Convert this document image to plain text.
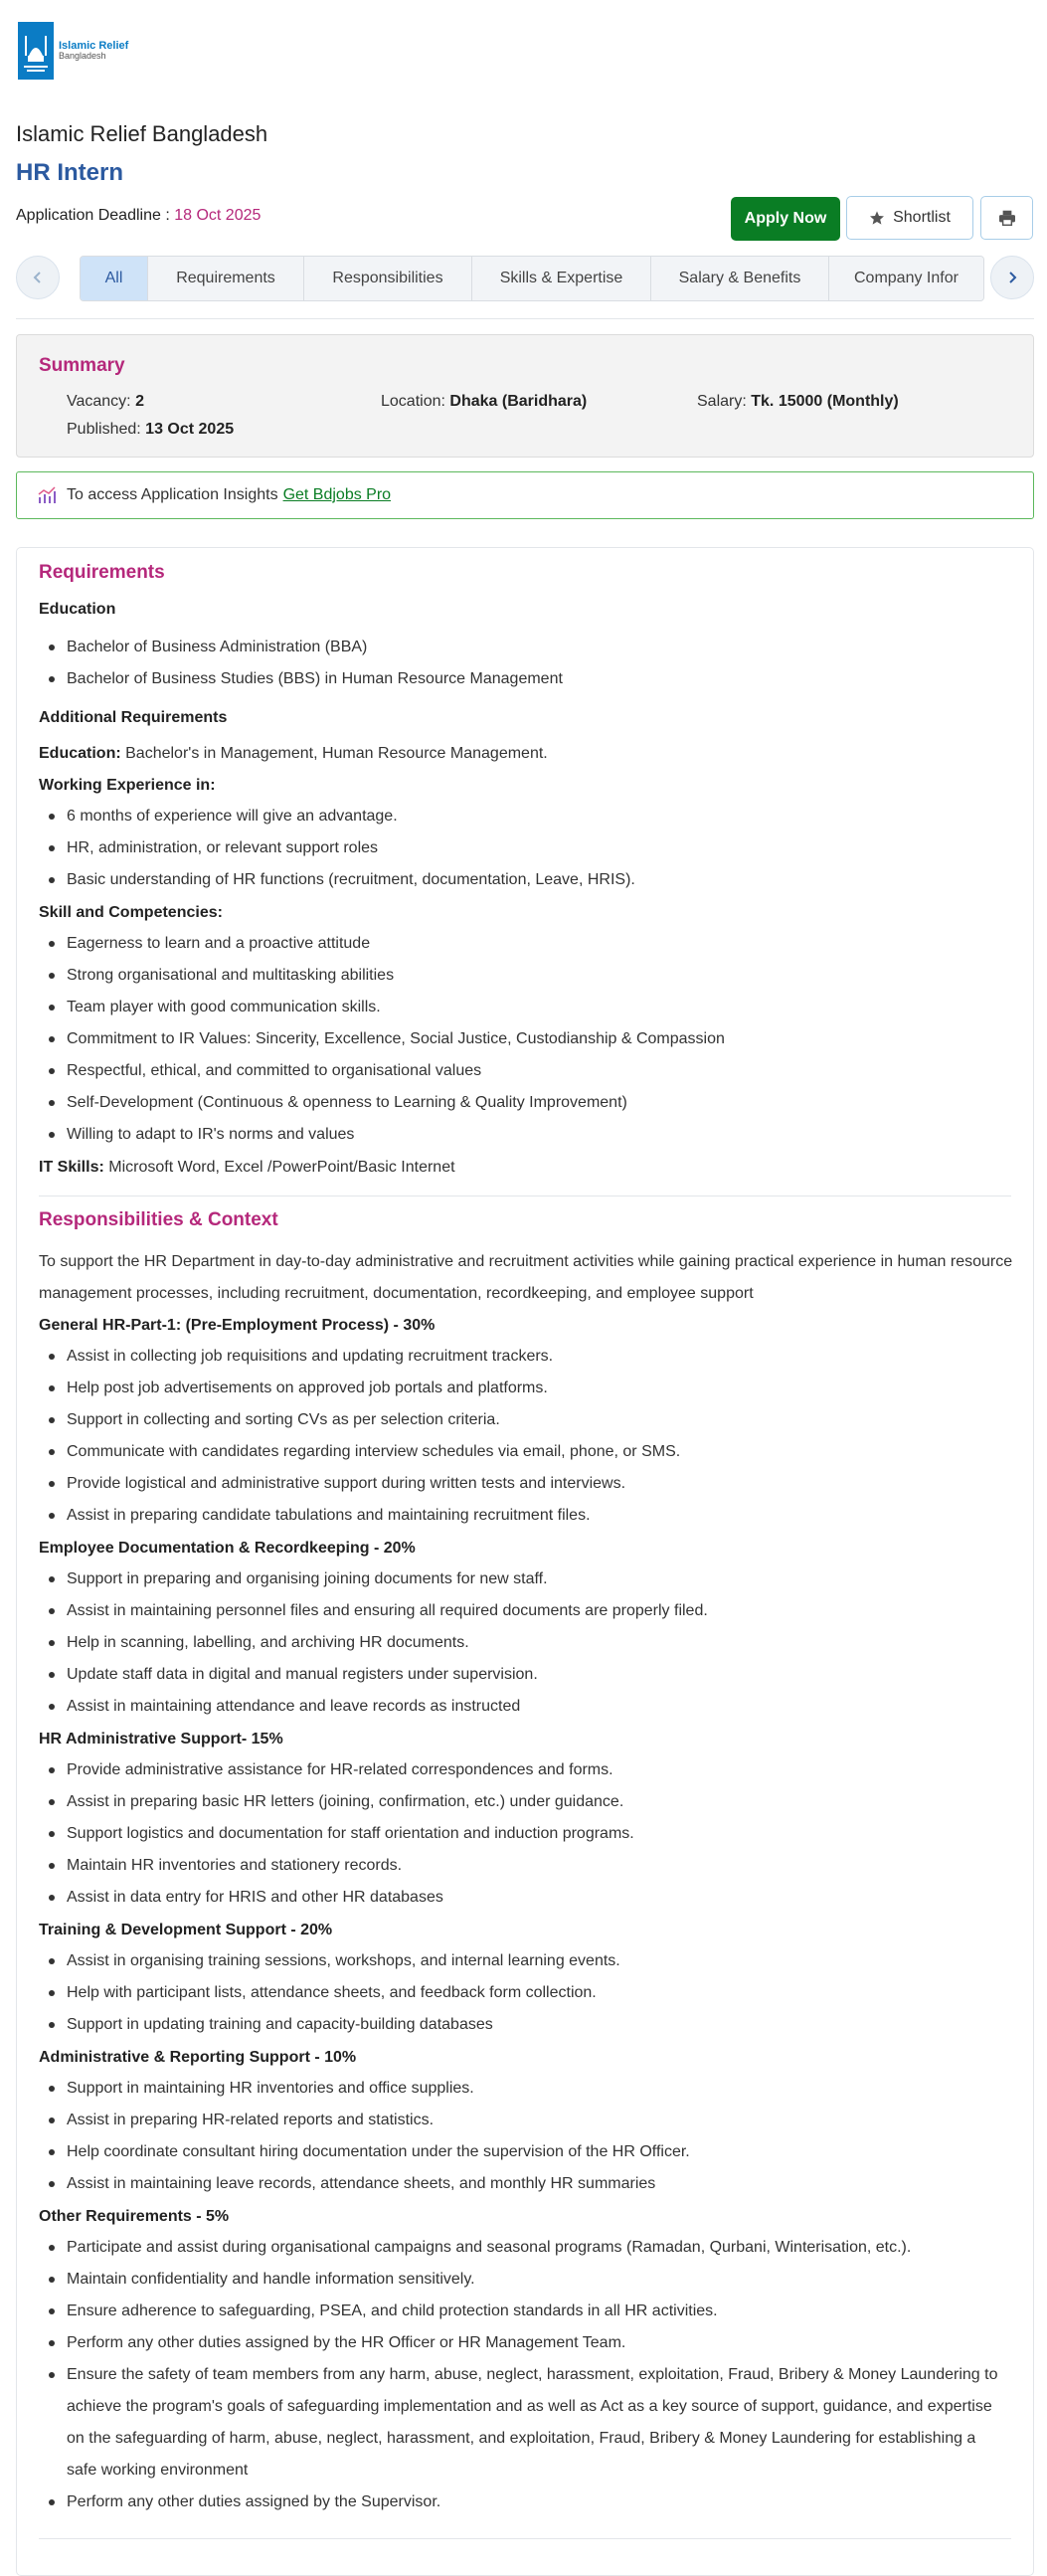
Islamic Relief
Bangladesh
Islamic Relief Bangladesh
HR Intern
Application Deadline : 18 Oct 2025	Apply Now	Shortlist
All	Requirements	Responsibilities	Skills & Expertise	Salary & Benefits	Company Infor
Summary
Vacancy: 2	Location: Dhaka (Baridhara)	Salary: Tk. 15000 (Monthly)
Published: 13 Oct 2025
To access Application Insights Get Bdjobs Pro
Requirements
Education
Bachelor of Business Administration (BBA)
Bachelor of Business Studies (BBS) in Human Resource Management
Additional Requirements
Education: Bachelor's in Management, Human Resource Management.
Working Experience in:
6 months of experience will give an advantage.
HR, administration, or relevant support roles
Basic understanding of HR functions (recruitment, documentation, Leave, HRIS).
Skill and Competencies:
Eagerness to learn and a proactive attitude
Strong organisational and multitasking abilities
Team player with good communication skills.
Commitment to IR Values: Sincerity, Excellence, Social Justice, Custodianship & Compassion
Respectful, ethical, and committed to organisational values
Self-Development (Continuous & openness to Learning & Quality Improvement)
Willing to adapt to IR's norms and values
IT Skills: Microsoft Word, Excel /PowerPoint/Basic Internet
Responsibilities & Context
To support the HR Department in day-to-day administrative and recruitment activities while gaining practical experience in human resource management processes, including recruitment, documentation, recordkeeping, and employee support
General HR-Part-1: (Pre-Employment Process) - 30%
Assist in collecting job requisitions and updating recruitment trackers.
Help post job advertisements on approved job portals and platforms.
Support in collecting and sorting CVs as per selection criteria.
Communicate with candidates regarding interview schedules via email, phone, or SMS.
Provide logistical and administrative support during written tests and interviews.
Assist in preparing candidate tabulations and maintaining recruitment files.
Employee Documentation & Recordkeeping - 20%
Support in preparing and organising joining documents for new staff.
Assist in maintaining personnel files and ensuring all required documents are properly filed.
Help in scanning, labelling, and archiving HR documents.
Update staff data in digital and manual registers under supervision.
Assist in maintaining attendance and leave records as instructed
HR Administrative Support- 15%
Provide administrative assistance for HR-related correspondences and forms.
Assist in preparing basic HR letters (joining, confirmation, etc.) under guidance.
Support logistics and documentation for staff orientation and induction programs.
Maintain HR inventories and stationery records.
Assist in data entry for HRIS and other HR databases
Training & Development Support - 20%
Assist in organising training sessions, workshops, and internal learning events.
Help with participant lists, attendance sheets, and feedback form collection.
Support in updating training and capacity-building databases
Administrative & Reporting Support - 10%
Support in maintaining HR inventories and office supplies.
Assist in preparing HR-related reports and statistics.
Help coordinate consultant hiring documentation under the supervision of the HR Officer.
Assist in maintaining leave records, attendance sheets, and monthly HR summaries
Other Requirements - 5%
Participate and assist during organisational campaigns and seasonal programs (Ramadan, Qurbani, Winterisation, etc.).
Maintain confidentiality and handle information sensitively.
Ensure adherence to safeguarding, PSEA, and child protection standards in all HR activities.
Perform any other duties assigned by the HR Officer or HR Management Team.
Ensure the safety of team members from any harm, abuse, neglect, harassment, exploitation, Fraud, Bribery & Money Laundering to achieve the program's goals of safeguarding implementation and as well as Act as a key source of support, guidance, and expertise on the safeguarding of harm, abuse, neglect, harassment, and exploitation, Fraud, Bribery & Money Laundering for establishing a safe working environment
Perform any other duties assigned by the Supervisor.
